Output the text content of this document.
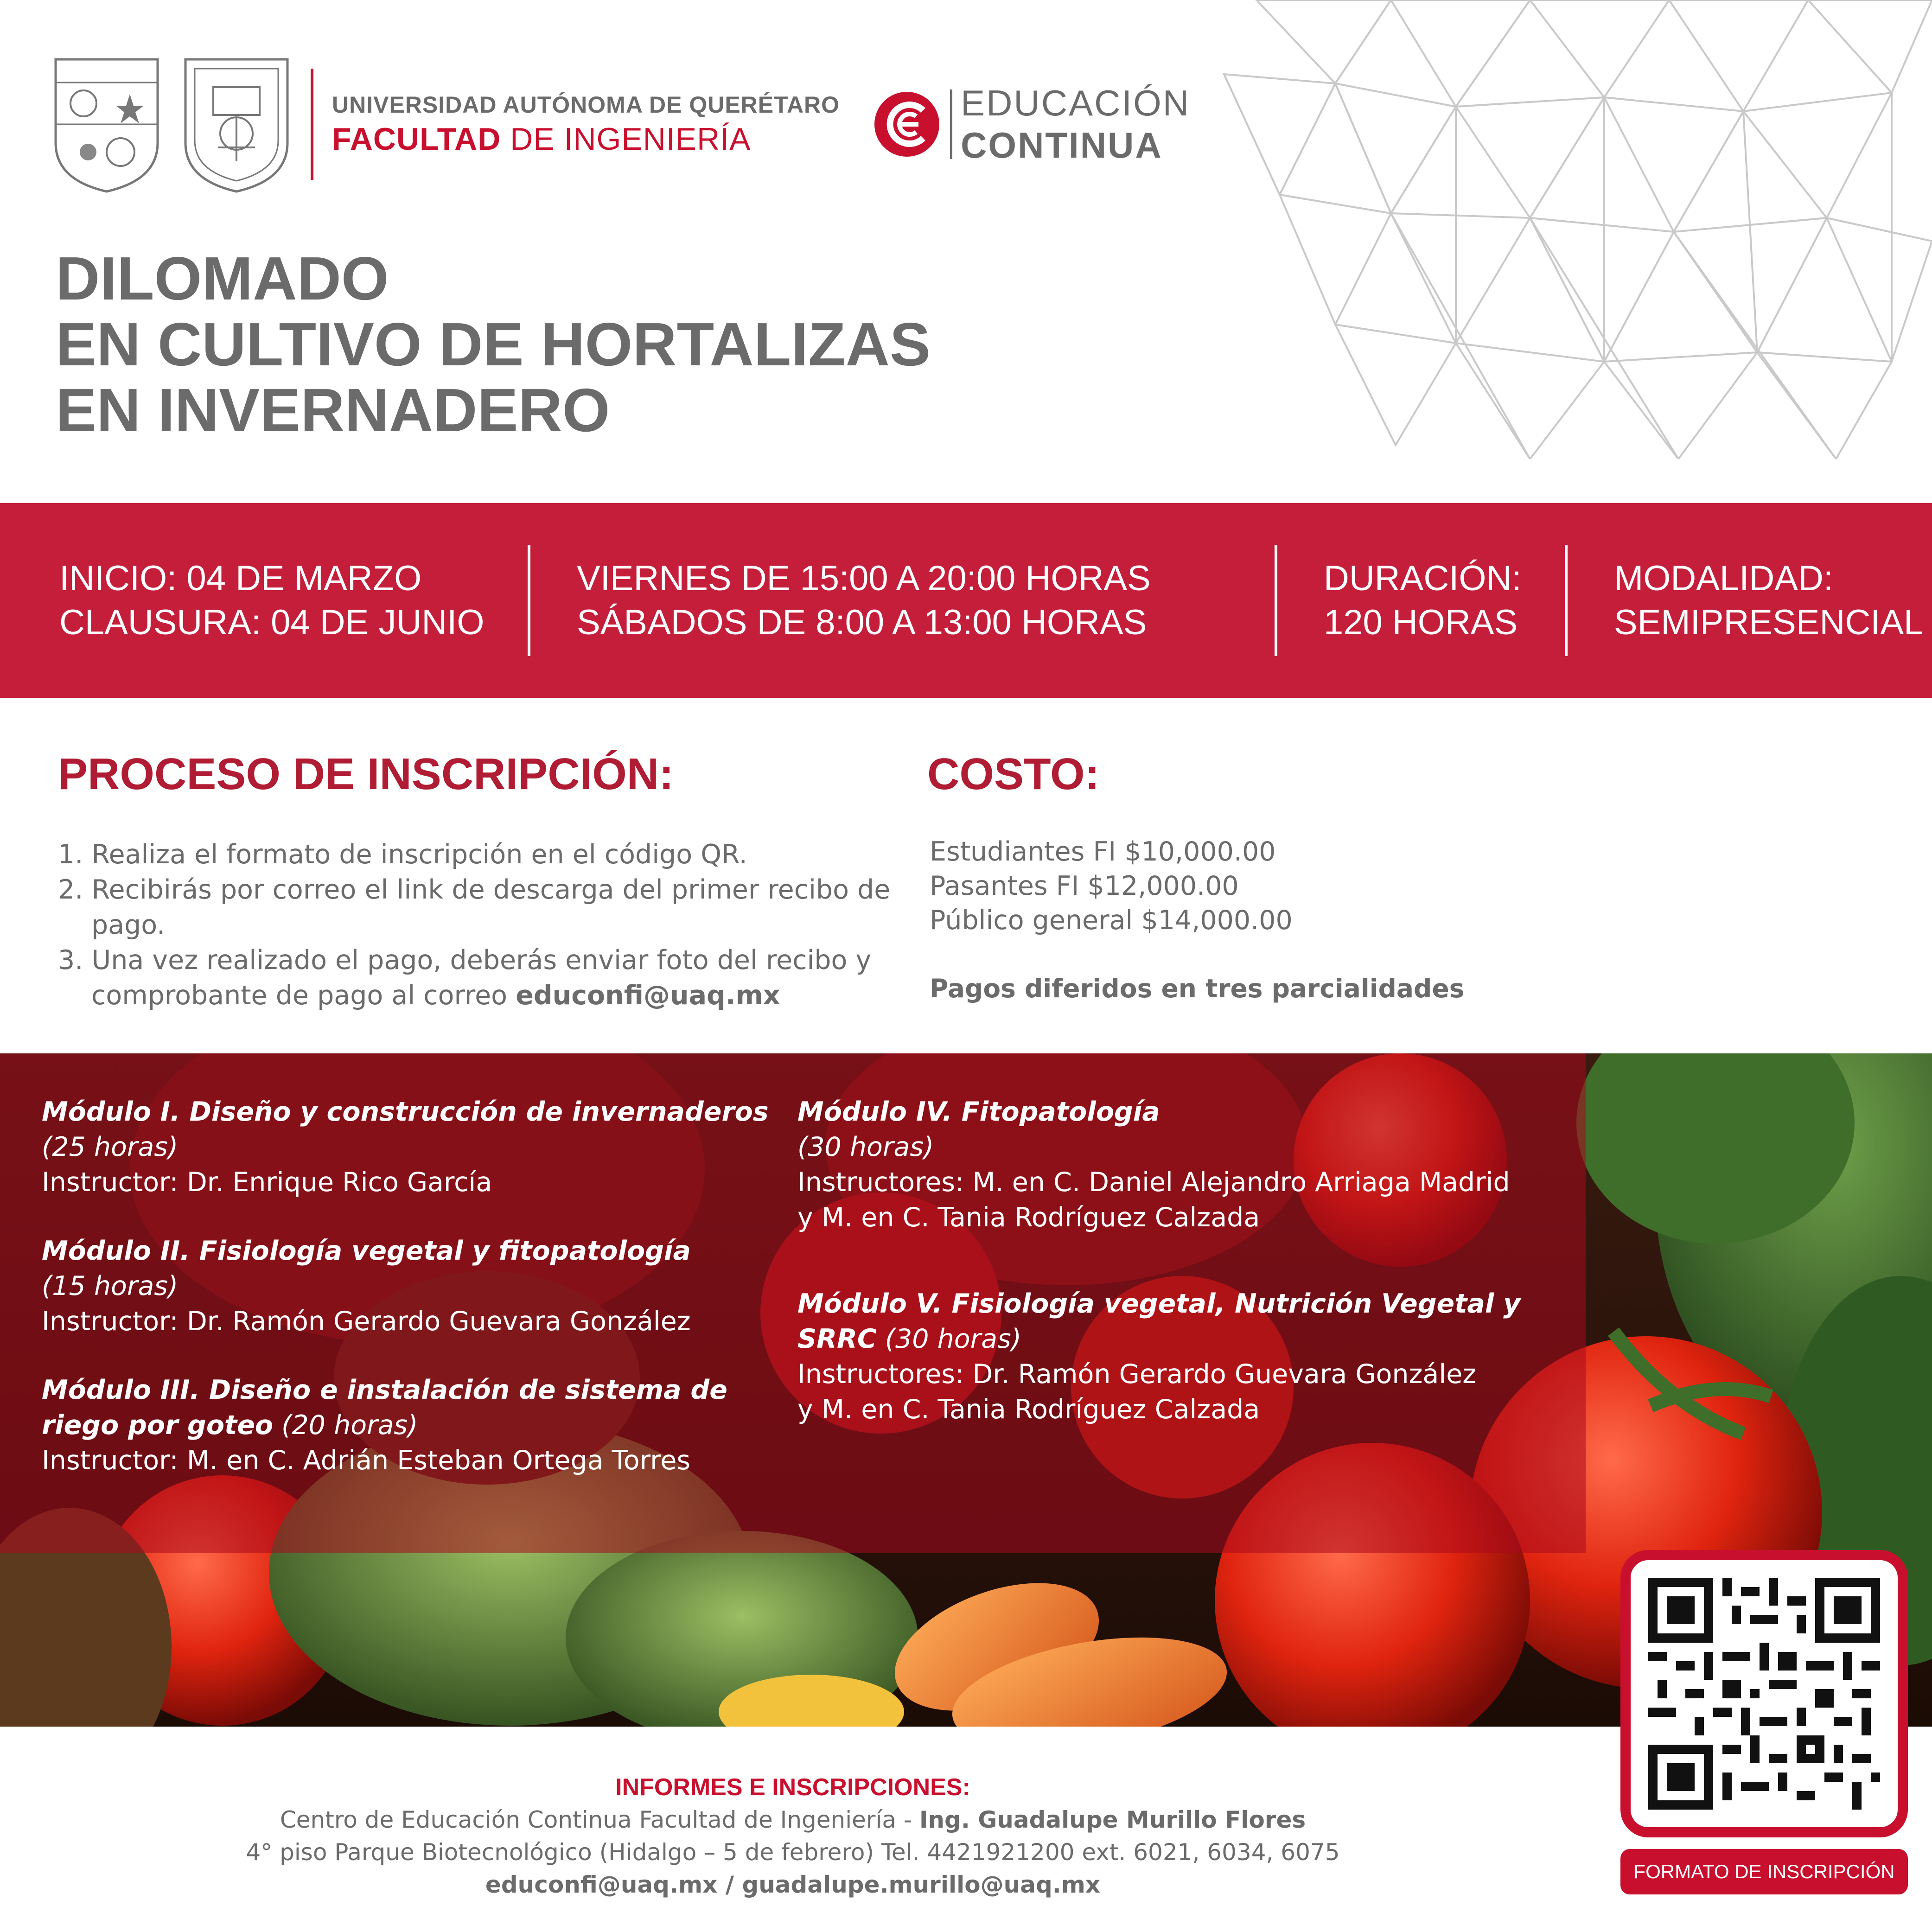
UNIVERSIDAD AUTÓNOMA DE QUERÉTARO
FACULTAD DE INGENIERÍA
EDUCACIÓN
CONTINUA
DILOMADO
EN CULTIVO DE HORTALIZAS
EN INVERNADERO
INICIO: 04 DE MARZO
CLAUSURA: 04 DE JUNIO
VIERNES DE 15:00 A 20:00 HORAS
SÁBADOS DE 8:00 A 13:00 HORAS
DURACIÓN:
120 HORAS
MODALIDAD:
SEMIPRESENCIAL
PROCESO DE INSCRIPCIÓN:
1. Realiza el formato de inscripción en el código QR.
2. Recibirás por correo el link de descarga del primer recibo de pago.
3. Una vez realizado el pago, deberás enviar foto del recibo y comprobante de pago al correo educonfi@uaq.mx
COSTO:
Estudiantes FI $10,000.00
Pasantes FI $12,000.00
Público general $14,000.00
Pagos diferidos en tres parcialidades
Módulo I. Diseño y construcción de invernaderos
(25 horas)
Instructor: Dr. Enrique Rico García
Módulo II. Fisiología vegetal y fitopatología
(15 horas)
Instructor: Dr. Ramón Gerardo Guevara González
Módulo III. Diseño e instalación de sistema de riego por goteo (20 horas)
Instructor: M. en C. Adrián Esteban Ortega Torres
Módulo IV. Fitopatología
(30 horas)
Instructores: M. en C. Daniel Alejandro Arriaga Madrid
y M. en C. Tania Rodríguez Calzada
Módulo V. Fisiología vegetal, Nutrición Vegetal y SRRC (30 horas)
Instructores: Dr. Ramón Gerardo Guevara González
y M. en C. Tania Rodríguez Calzada
FORMATO DE INSCRIPCIÓN
INFORMES E INSCRIPCIONES:
Centro de Educación Continua Facultad de Ingeniería - Ing. Guadalupe Murillo Flores
4° piso Parque Biotecnológico (Hidalgo – 5 de febrero) Tel. 4421921200 ext. 6021, 6034, 6075
educonfi@uaq.mx / guadalupe.murillo@uaq.mx
